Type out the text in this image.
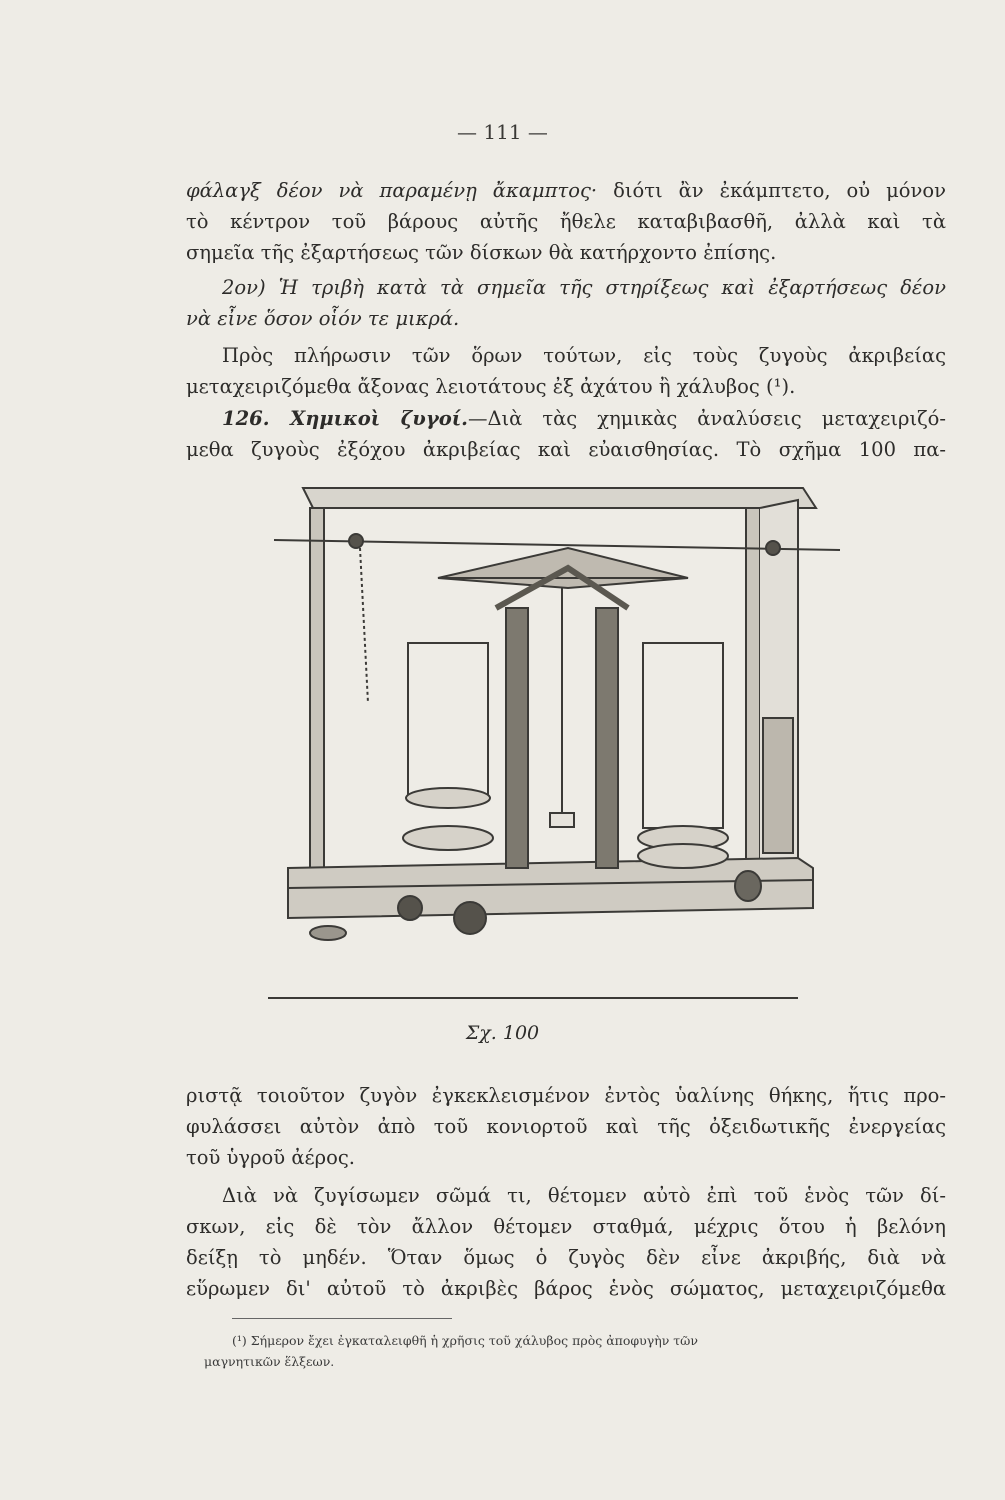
— 111 —

φάλαγξ δέον νὰ παραμένῃ ἄκαμπτος· διότι ἂν ἐκάμπτετο, οὐ μόνον

τὸ κέντρον τοῦ βάρους αὐτῆς ἤθελε καταβιβασθῆ, ἀλλὰ καὶ τὰ

σημεῖα τῆς ἐξαρτήσεως τῶν δίσκων θὰ κατήρχοντο ἐπίσης.

2ον) Ἡ τριβὴ κατὰ τὰ σημεῖα τῆς στηρίξεως καὶ ἐξαρτήσεως δέον

νὰ εἶνε ὅσον οἷόν τε μικρά.

Πρὸς πλήρωσιν τῶν ὅρων τούτων, εἰς τοὺς ζυγοὺς ἀκριβείας

μεταχειριζόμεθα ἄξονας λειοτάτους ἐξ ἀχάτου ἢ χάλυβος (¹).

126. Χημικοὶ ζυγοί.—Διὰ τὰς χημικὰς ἀναλύσεις μεταχειριζό-

μεθα ζυγοὺς ἐξόχου ἀκριβείας καὶ εὐαισθησίας. Τὸ σχῆμα 100 πα-

Σχ. 100

ριστᾷ τοιοῦτον ζυγὸν ἐγκεκλεισμένον ἐντὸς ὑαλίνης θήκης, ἥτις προ-

φυλάσσει αὐτὸν ἀπὸ τοῦ κονιορτοῦ καὶ τῆς ὀξειδωτικῆς ἐνεργείας

τοῦ ὑγροῦ ἀέρος.

Διὰ νὰ ζυγίσωμεν σῶμά τι, θέτομεν αὐτὸ ἐπὶ τοῦ ἑνὸς τῶν δί-

σκων, εἰς δὲ τὸν ἄλλον θέτομεν σταθμά, μέχρις ὅτου ἡ βελόνη

δείξῃ τὸ μηδέν. Ὅταν ὅμως ὁ ζυγὸς δὲν εἶνε ἀκριβής, διὰ νὰ

εὕρωμεν δι' αὐτοῦ τὸ ἀκριβὲς βάρος ἑνὸς σώματος, μεταχειριζόμεθα

(¹) Σήμερον ἔχει ἐγκαταλειφθῆ ἡ χρῆσις τοῦ χάλυβος πρὸς ἀποφυγὴν τῶν

μαγνητικῶν ἕλξεων.
